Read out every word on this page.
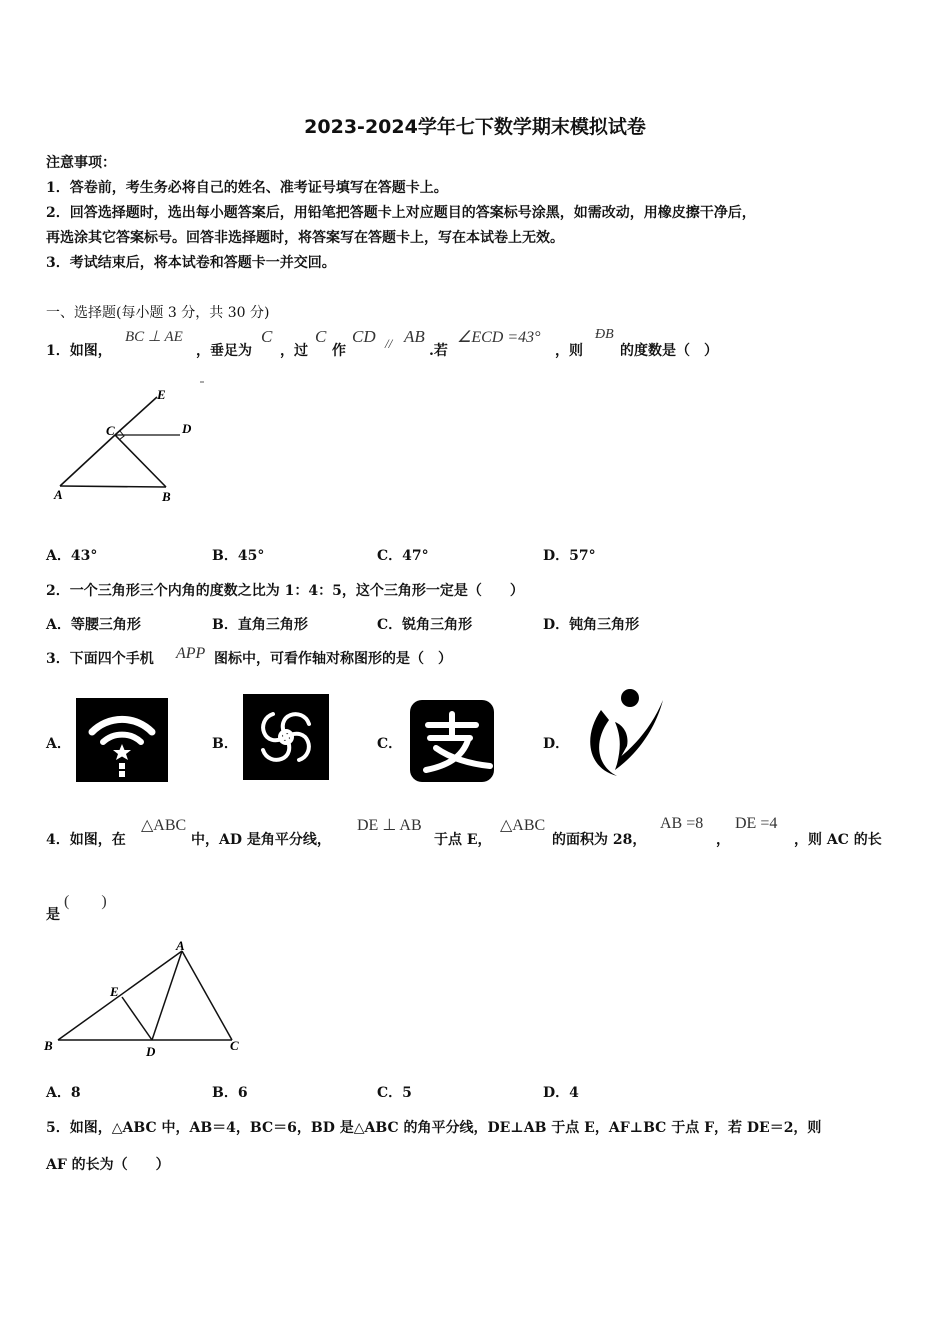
2023-2024学年七下数学期末模拟试卷
注意事项：
1．答卷前，考生务必将自己的姓名、准考证号填写在答题卡上。
2．回答选择题时，选出每小题答案后，用铅笔把答题卡上对应题目的答案标号涂黑，如需改动，用橡皮擦干净后，
再选涂其它答案标号。回答非选择题时，将答案写在答题卡上，写在本试卷上无效。
3．考试结束后，将本试卷和答题卡一并交回。
一、选择题(每小题 3 分，共 30 分)
1．如图，
BC ⊥ AE
，垂足为
C
，过
C
作
CD // AB
.若
∠ECD =43°
，则
ÐB
的度数是（　）
E
C	D
A	B
A．43°	B．45°	C．47°	D．57°
2．一个三角形三个内角的度数之比为 1：4：5，这个三角形一定是（　　）
A．等腰三角形	B．直角三角形	C．锐角三角形	D．钝角三角形
3．下面四个手机 APP 图标中，可看作轴对称图形的是（　）
A．	B．	C．	D．
4．如图，在
△ABC
中，AD 是角平分线，
DE ⊥ AB
于点 E，
△ABC
的面积为 28，
AB =8
，
DE =4
，则 AC 的长
是
(　　)
A
E
B	D	C
A．8	B．6	C．5	D．4
5．如图，△ABC 中，AB＝4，BC＝6，BD 是△ABC 的角平分线，DE⊥AB 于点 E，AF⊥BC 于点 F，若 DE＝2，则
AF 的长为（　　）
